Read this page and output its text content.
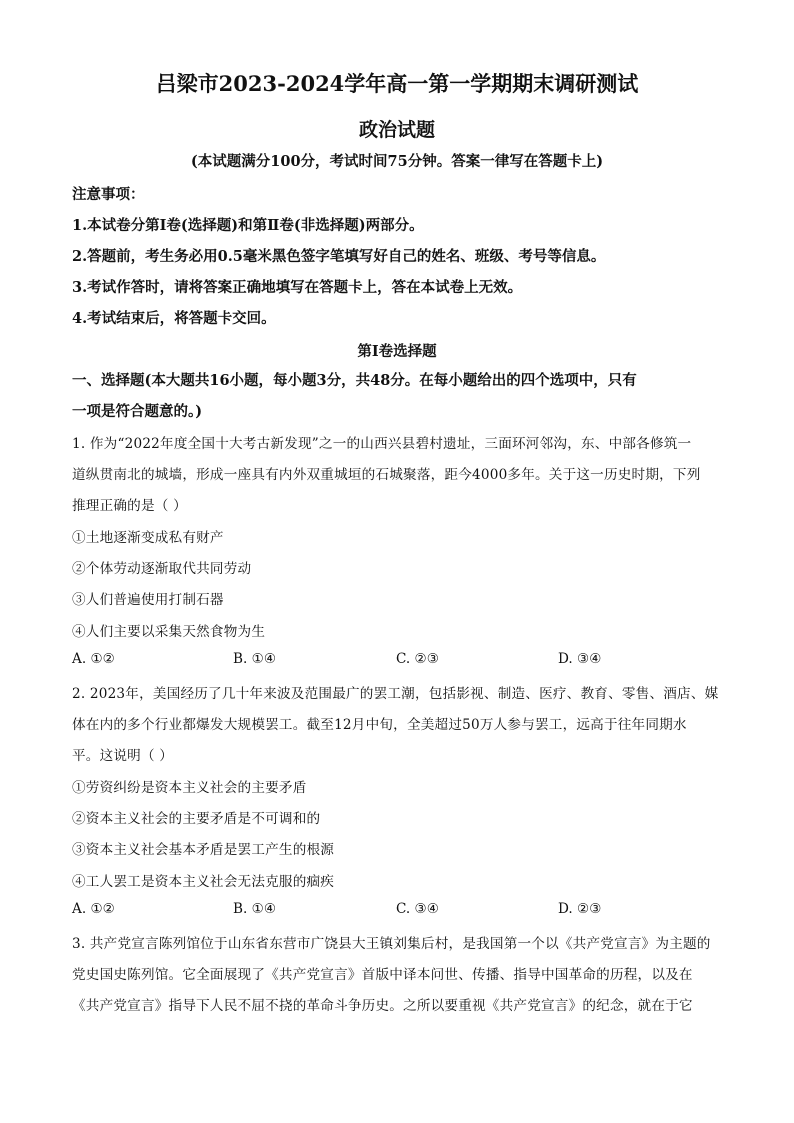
吕梁市2023-2024学年高一第一学期期末调研测试
政治试题
(本试题满分100分，考试时间75分钟。答案一律写在答题卡上)
注意事项：
1.本试卷分第Ⅰ卷(选择题)和第Ⅱ卷(非选择题)两部分。
2.答题前，考生务必用0.5毫米黑色签字笔填写好自己的姓名、班级、考号等信息。
3.考试作答时，请将答案正确地填写在答题卡上，答在本试卷上无效。
4.考试结束后，将答题卡交回。
第Ⅰ卷选择题
一、选择题(本大题共16小题，每小题3分，共48分。在每小题给出的四个选项中，只有
一项是符合题意的。)
1. 作为“2022年度全国十大考古新发现”之一的山西兴县碧村遗址，三面环河邻沟，东、中部各修筑一
道纵贯南北的城墙，形成一座具有内外双重城垣的石城聚落，距今4000多年。关于这一历史时期，下列
推理正确的是（ ）
①土地逐渐变成私有财产
②个体劳动逐渐取代共同劳动
③人们普遍使用打制石器
④人们主要以采集天然食物为生
A. ①②	B. ①④	C. ②③	D. ③④
2. 2023年，美国经历了几十年来波及范围最广的罢工潮，包括影视、制造、医疗、教育、零售、酒店、媒
体在内的多个行业都爆发大规模罢工。截至12月中旬，全美超过50万人参与罢工，远高于往年同期水
平。这说明（ ）
①劳资纠纷是资本主义社会的主要矛盾
②资本主义社会的主要矛盾是不可调和的
③资本主义社会基本矛盾是罢工产生的根源
④工人罢工是资本主义社会无法克服的痼疾
A. ①②	B. ①④	C. ③④	D. ②③
3. 共产党宣言陈列馆位于山东省东营市广饶县大王镇刘集后村，是我国第一个以《共产党宣言》为主题的
党史国史陈列馆。它全面展现了《共产党宣言》首版中译本问世、传播、指导中国革命的历程，以及在
《共产党宣言》指导下人民不屈不挠的革命斗争历史。之所以要重视《共产党宣言》的纪念，就在于它
